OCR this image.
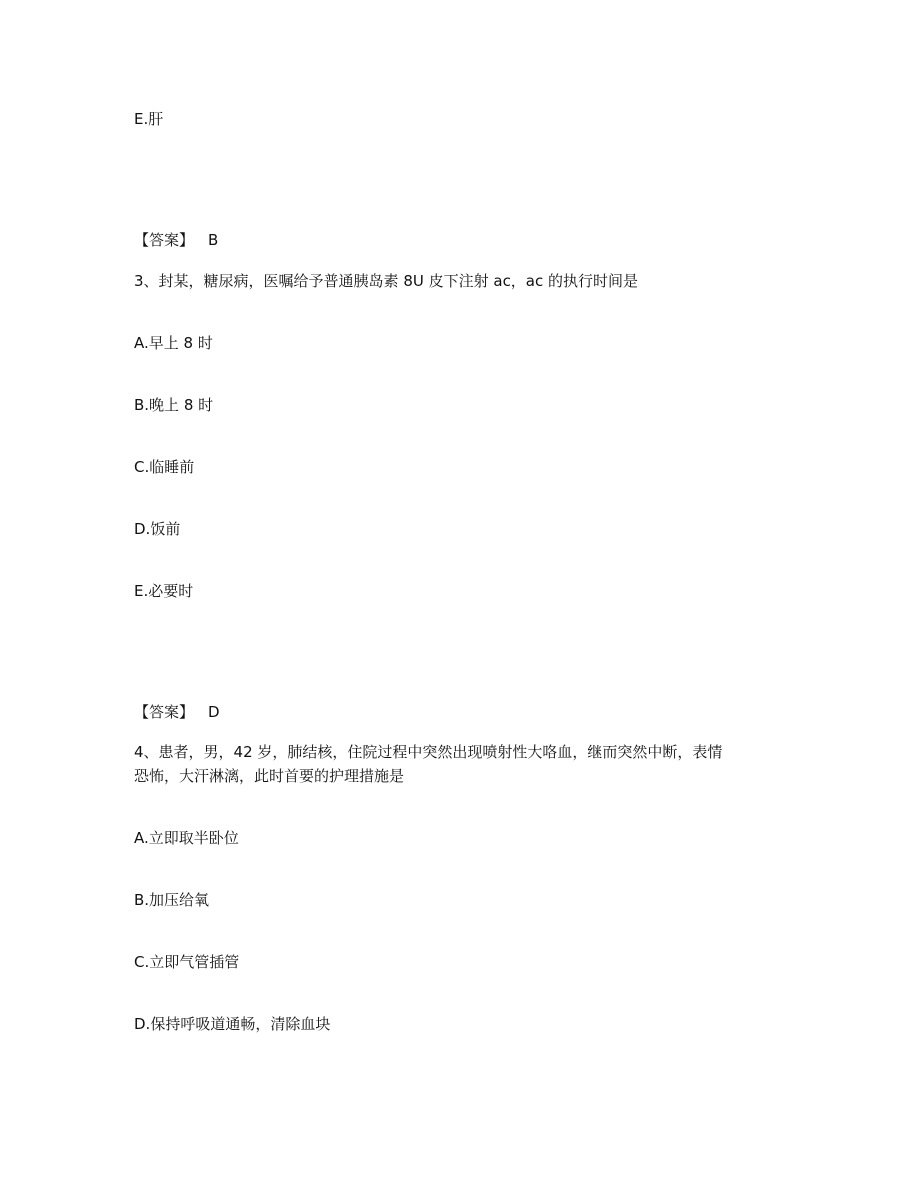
E.肝
【答案】 B
3、封某，糖尿病，医嘱给予普通胰岛素 8U 皮下注射 ac，ac 的执行时间是
A.早上 8 时
B.晚上 8 时
C.临睡前
D.饭前
E.必要时
【答案】 D
4、患者，男，42 岁，肺结核，住院过程中突然出现喷射性大咯血，继而突然中断，表情
恐怖，大汗淋漓，此时首要的护理措施是
A.立即取半卧位
B.加压给氧
C.立即气管插管
D.保持呼吸道通畅，清除血块
